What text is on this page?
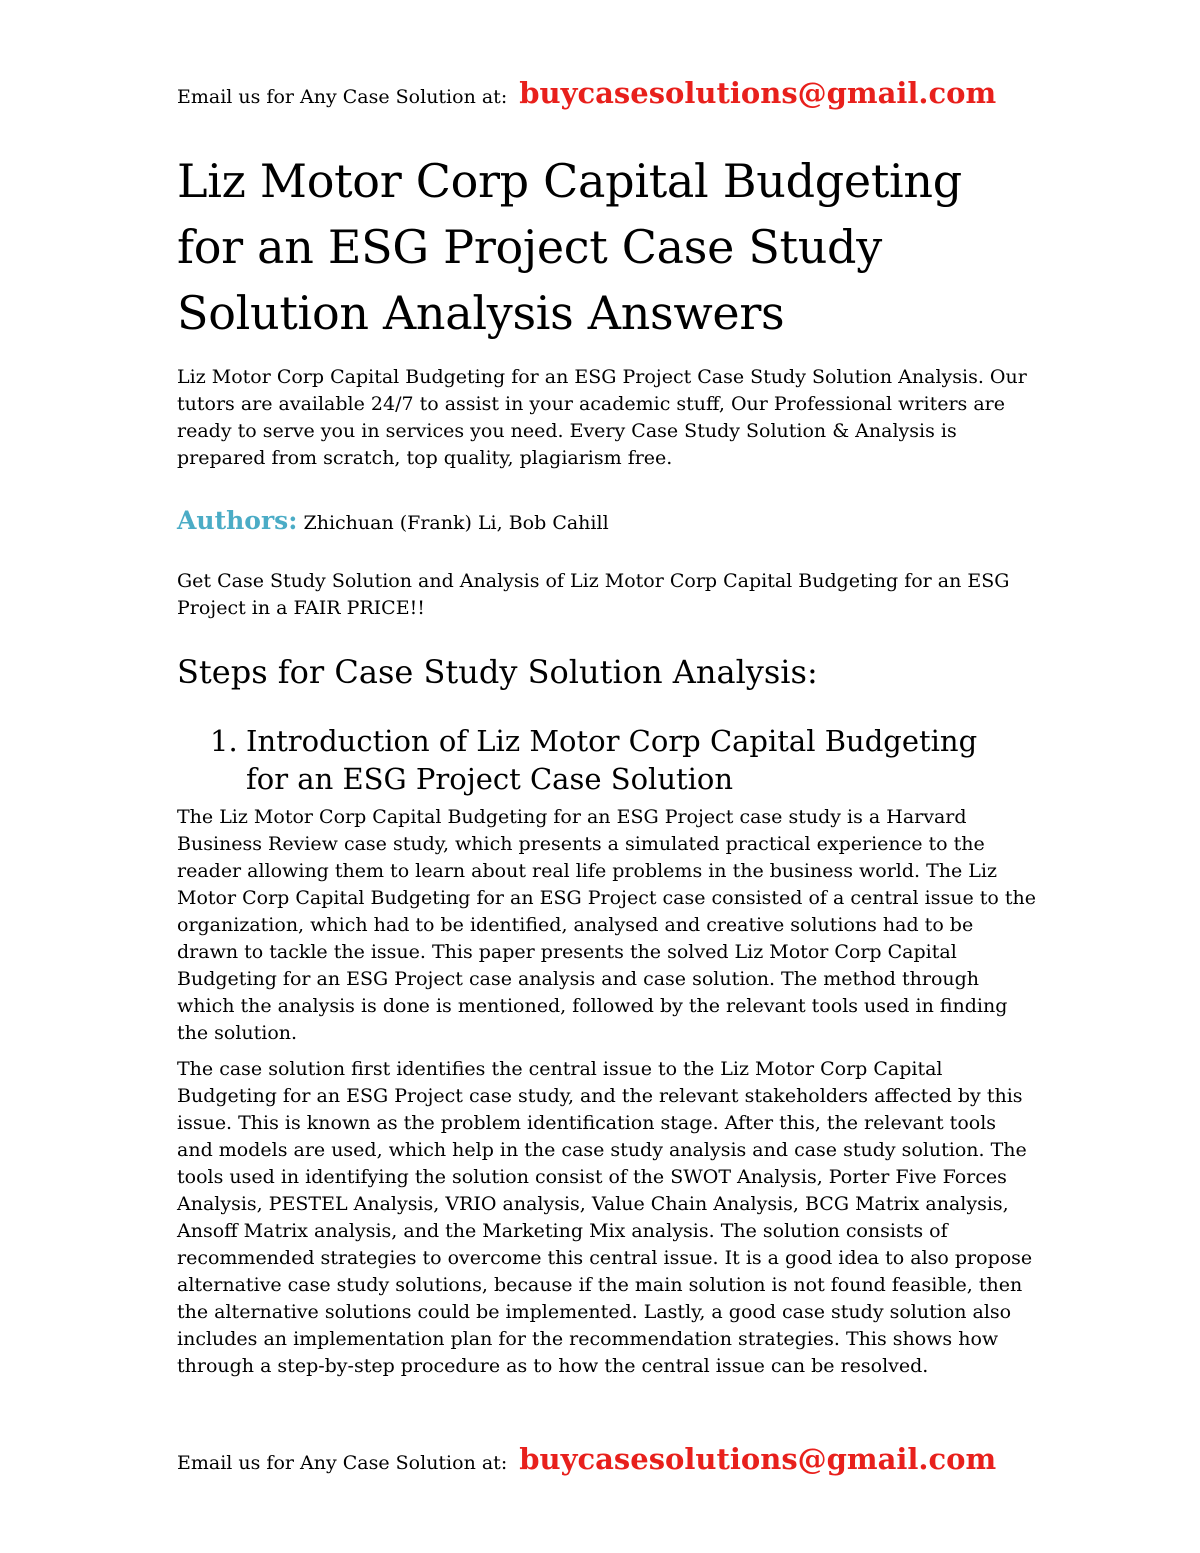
Email us for Any Case Solution at: buycasesolutions@gmail.com
Liz Motor Corp Capital Budgeting for an ESG Project Case Study Solution Analysis Answers

Liz Motor Corp Capital Budgeting for an ESG Project Case Study Solution Analysis. Our tutors are available 24/7 to assist in your academic stuff, Our Professional writers are ready to serve you in services you need. Every Case Study Solution & Analysis is prepared from scratch, top quality, plagiarism free.

Authors: Zhichuan (Frank) Li, Bob Cahill

Get Case Study Solution and Analysis of Liz Motor Corp Capital Budgeting for an ESG Project in a FAIR PRICE!!

Steps for Case Study Solution Analysis:
1. Introduction of Liz Motor Corp Capital Budgeting for an ESG Project Case Solution

The Liz Motor Corp Capital Budgeting for an ESG Project case study is a Harvard Business Review case study, which presents a simulated practical experience to the reader allowing them to learn about real life problems in the business world. The Liz Motor Corp Capital Budgeting for an ESG Project case consisted of a central issue to the organization, which had to be identified, analysed and creative solutions had to be drawn to tackle the issue. This paper presents the solved Liz Motor Corp Capital Budgeting for an ESG Project case analysis and case solution. The method through which the analysis is done is mentioned, followed by the relevant tools used in finding the solution.

The case solution first identifies the central issue to the Liz Motor Corp Capital Budgeting for an ESG Project case study, and the relevant stakeholders affected by this issue. This is known as the problem identification stage. After this, the relevant tools and models are used, which help in the case study analysis and case study solution. The tools used in identifying the solution consist of the SWOT Analysis, Porter Five Forces Analysis, PESTEL Analysis, VRIO analysis, Value Chain Analysis, BCG Matrix analysis, Ansoff Matrix analysis, and the Marketing Mix analysis. The solution consists of recommended strategies to overcome this central issue. It is a good idea to also propose alternative case study solutions, because if the main solution is not found feasible, then the alternative solutions could be implemented. Lastly, a good case study solution also includes an implementation plan for the recommendation strategies. This shows how through a step-by-step procedure as to how the central issue can be resolved.

Email us for Any Case Solution at: buycasesolutions@gmail.com
